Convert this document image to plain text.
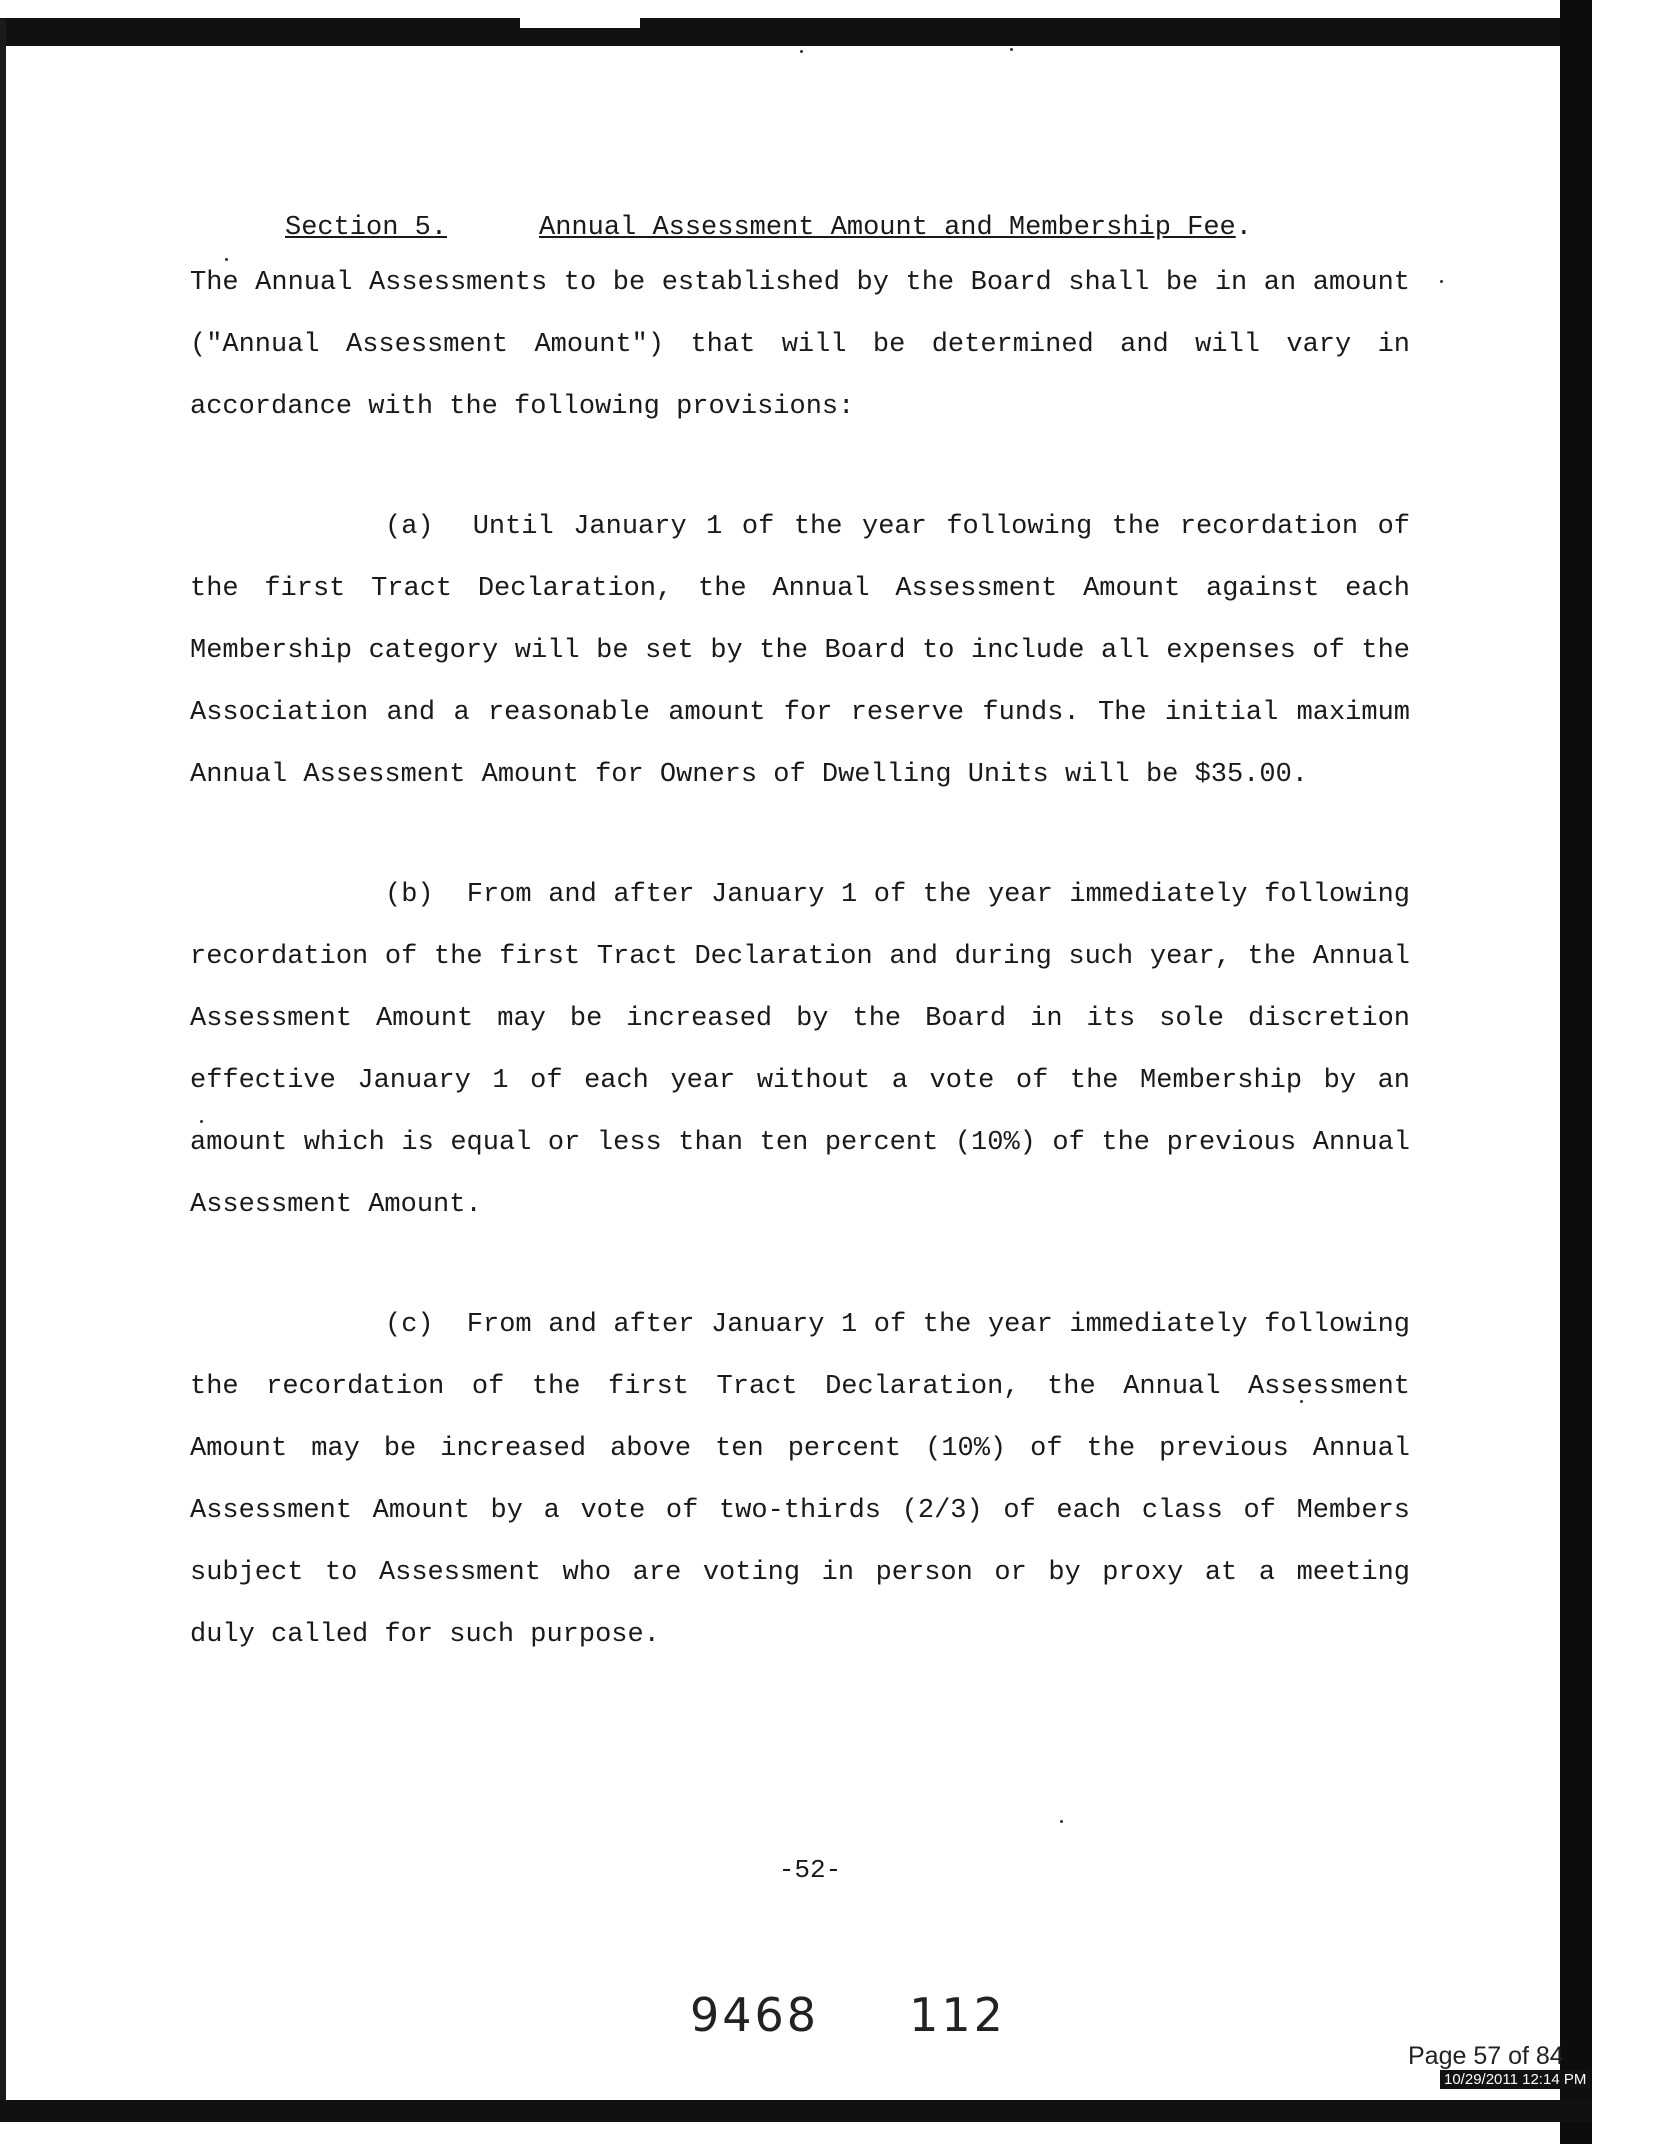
Section 5.	Annual Assessment Amount and Membership Fee.

The Annual Assessments to be established by the Board shall be in an amount ("Annual Assessment Amount") that will be determined and will vary in accordance with the following provisions:

(a) Until January 1 of the year following the recordation of the first Tract Declaration, the Annual Assessment Amount against each Membership category will be set by the Board to include all expenses of the Association and a reasonable amount for reserve funds. The initial maximum Annual Assessment Amount for Owners of Dwelling Units will be $35.00.

(b) From and after January 1 of the year immediately following recordation of the first Tract Declaration and during such year, the Annual Assessment Amount may be increased by the Board in its sole discretion effective January 1 of each year without a vote of the Membership by an amount which is equal or less than ten percent (10%) of the previous Annual Assessment Amount.

(c) From and after January 1 of the year immediately following the recordation of the first Tract Declaration, the Annual Assessment Amount may be increased above ten percent (10%) of the previous Annual Assessment Amount by a vote of two-thirds (2/3) of each class of Members subject to Assessment who are voting in person or by proxy at a meeting duly called for such purpose.

-52-
9468 112
Page 57 of 84
10/29/2011 12:14 PM
